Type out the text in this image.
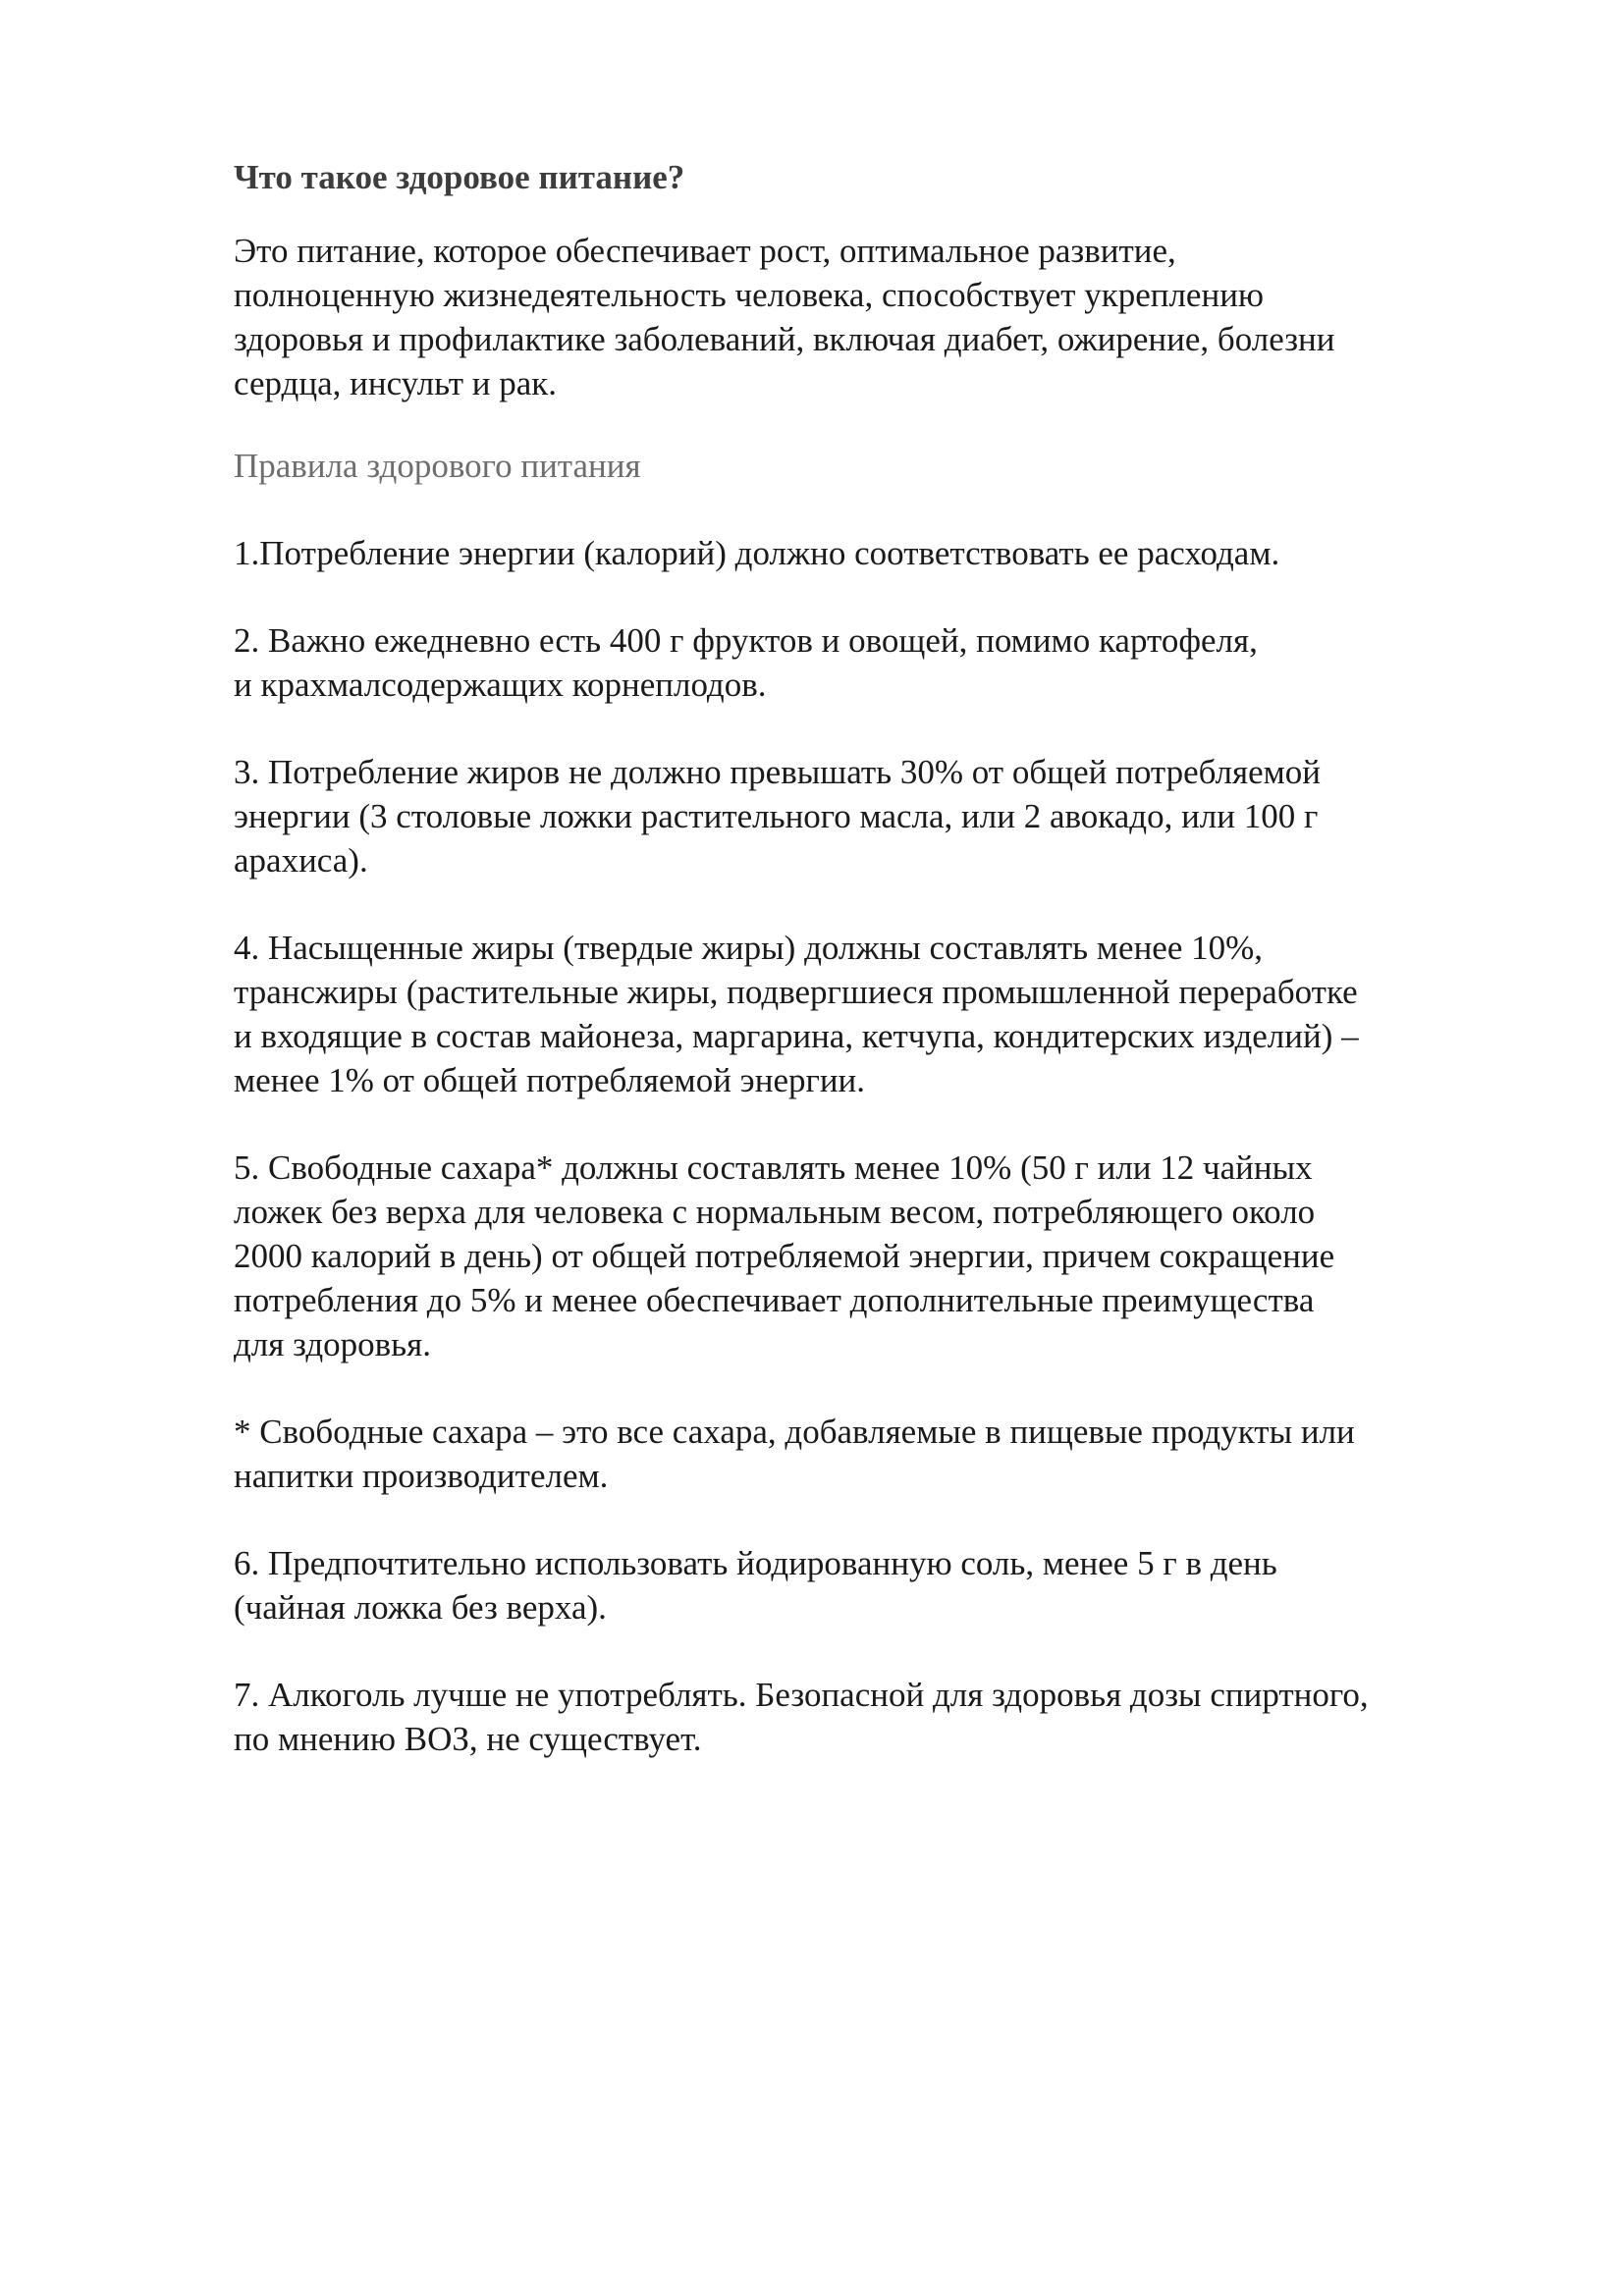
Что такое здоровое питание?

Это питание, которое обеспечивает рост, оптимальное развитие,
полноценную жизнедеятельность человека, способствует укреплению
здоровья и профилактике заболеваний, включая диабет, ожирение, болезни
сердца, инсульт и рак.

Правила здорового питания

1.Потребление энергии (калорий) должно соответствовать ее расходам.

2. Важно ежедневно есть 400 г фруктов и овощей, помимо картофеля,
и крахмалсодержащих корнеплодов.

3. Потребление жиров не должно превышать 30% от общей потребляемой
энергии (3 столовые ложки растительного масла, или 2 авокадо, или 100 г
арахиса).

4. Насыщенные жиры (твердые жиры) должны составлять менее 10%,
трансжиры (растительные жиры, подвергшиеся промышленной переработке
и входящие в состав майонеза, маргарина, кетчупа, кондитерских изделий) –
менее 1% от общей потребляемой энергии.

5. Свободные сахара* должны составлять менее 10% (50 г или 12 чайных
ложек без верха для человека с нормальным весом, потребляющего около
2000 калорий в день) от общей потребляемой энергии, причем сокращение
потребления до 5% и менее обеспечивает дополнительные преимущества
для здоровья.

* Свободные сахара – это все сахара, добавляемые в пищевые продукты или
напитки производителем.

6. Предпочтительно использовать йодированную соль, менее 5 г в день
(чайная ложка без верха).

7. Алкоголь лучше не употреблять. Безопасной для здоровья дозы спиртного,
по мнению ВОЗ, не существует.
